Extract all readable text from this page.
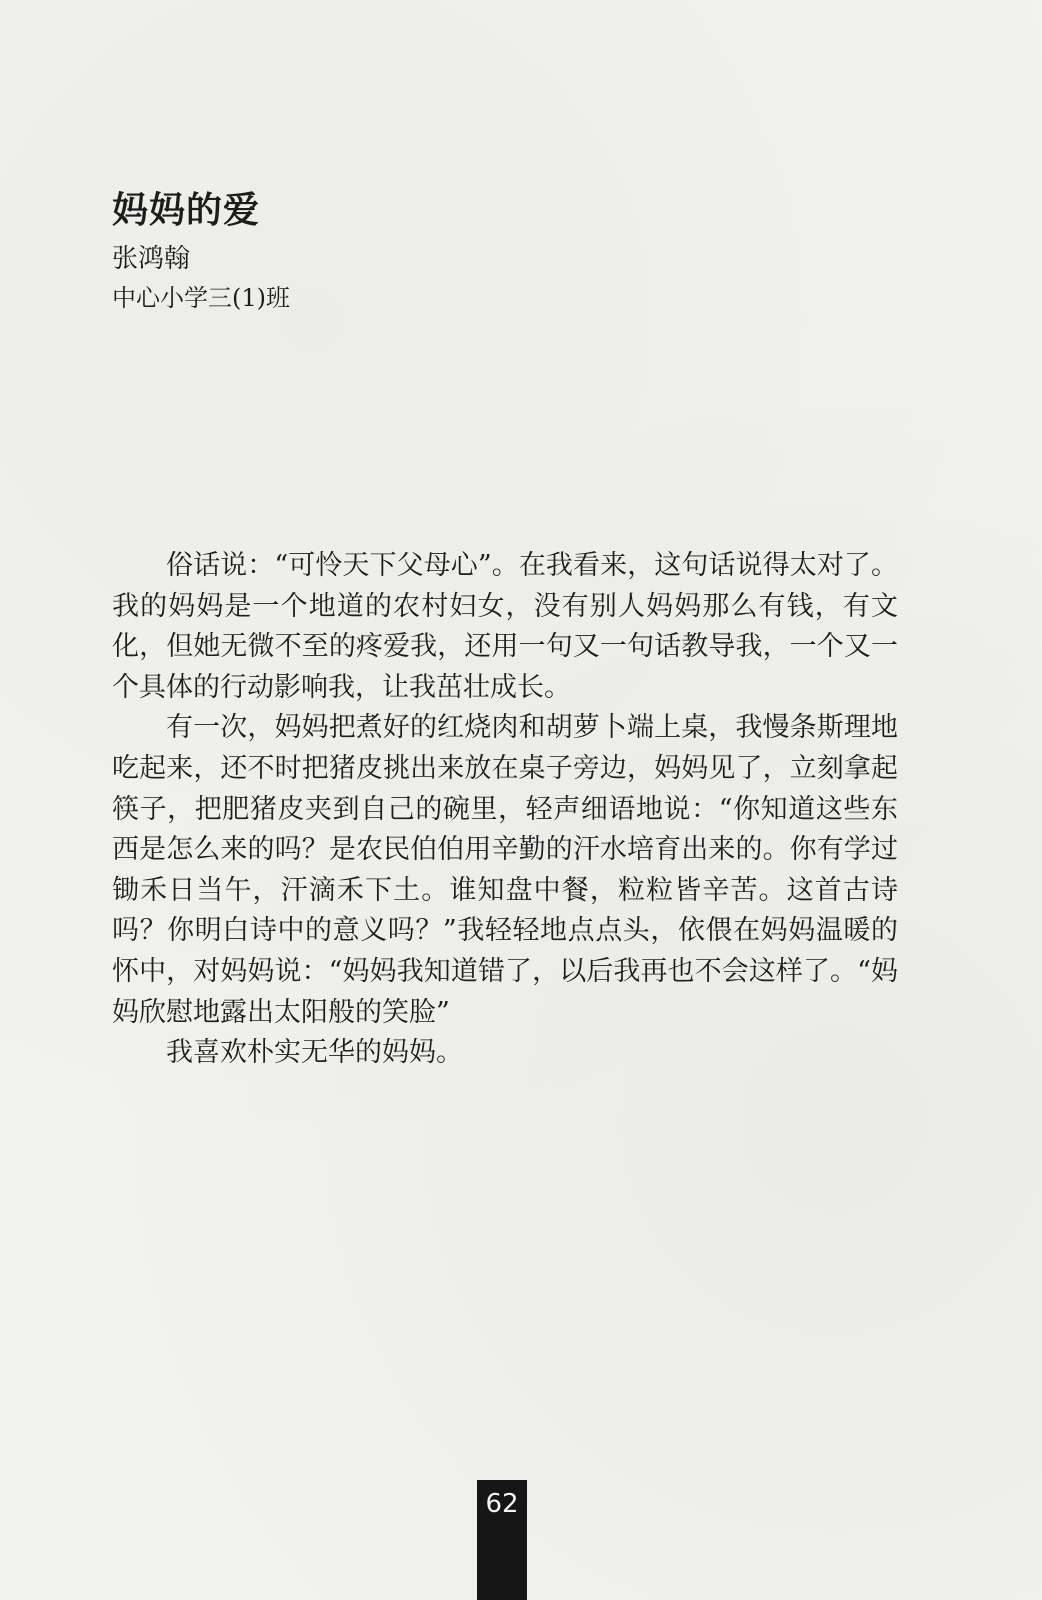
妈妈的爱
张鸿翰
中心小学三(1)班

俗话说：“可怜天下父母心”。在我看来，这句话说得太对了。我的妈妈是一个地道的农村妇女，没有别人妈妈那么有钱，有文化，但她无微不至的疼爱我，还用一句又一句话教导我，一个又一个具体的行动影响我，让我茁壮成长。

有一次，妈妈把煮好的红烧肉和胡萝卜端上桌，我慢条斯理地吃起来，还不时把猪皮挑出来放在桌子旁边，妈妈见了，立刻拿起筷子，把肥猪皮夹到自己的碗里，轻声细语地说：“你知道这些东西是怎么来的吗？是农民伯伯用辛勤的汗水培育出来的。你有学过锄禾日当午，汗滴禾下土。谁知盘中餐，粒粒皆辛苦。这首古诗吗？你明白诗中的意义吗？”我轻轻地点点头，依偎在妈妈温暖的怀中，对妈妈说：“妈妈我知道错了，以后我再也不会这样了。“妈妈欣慰地露出太阳般的笑脸”

我喜欢朴实无华的妈妈。

62
